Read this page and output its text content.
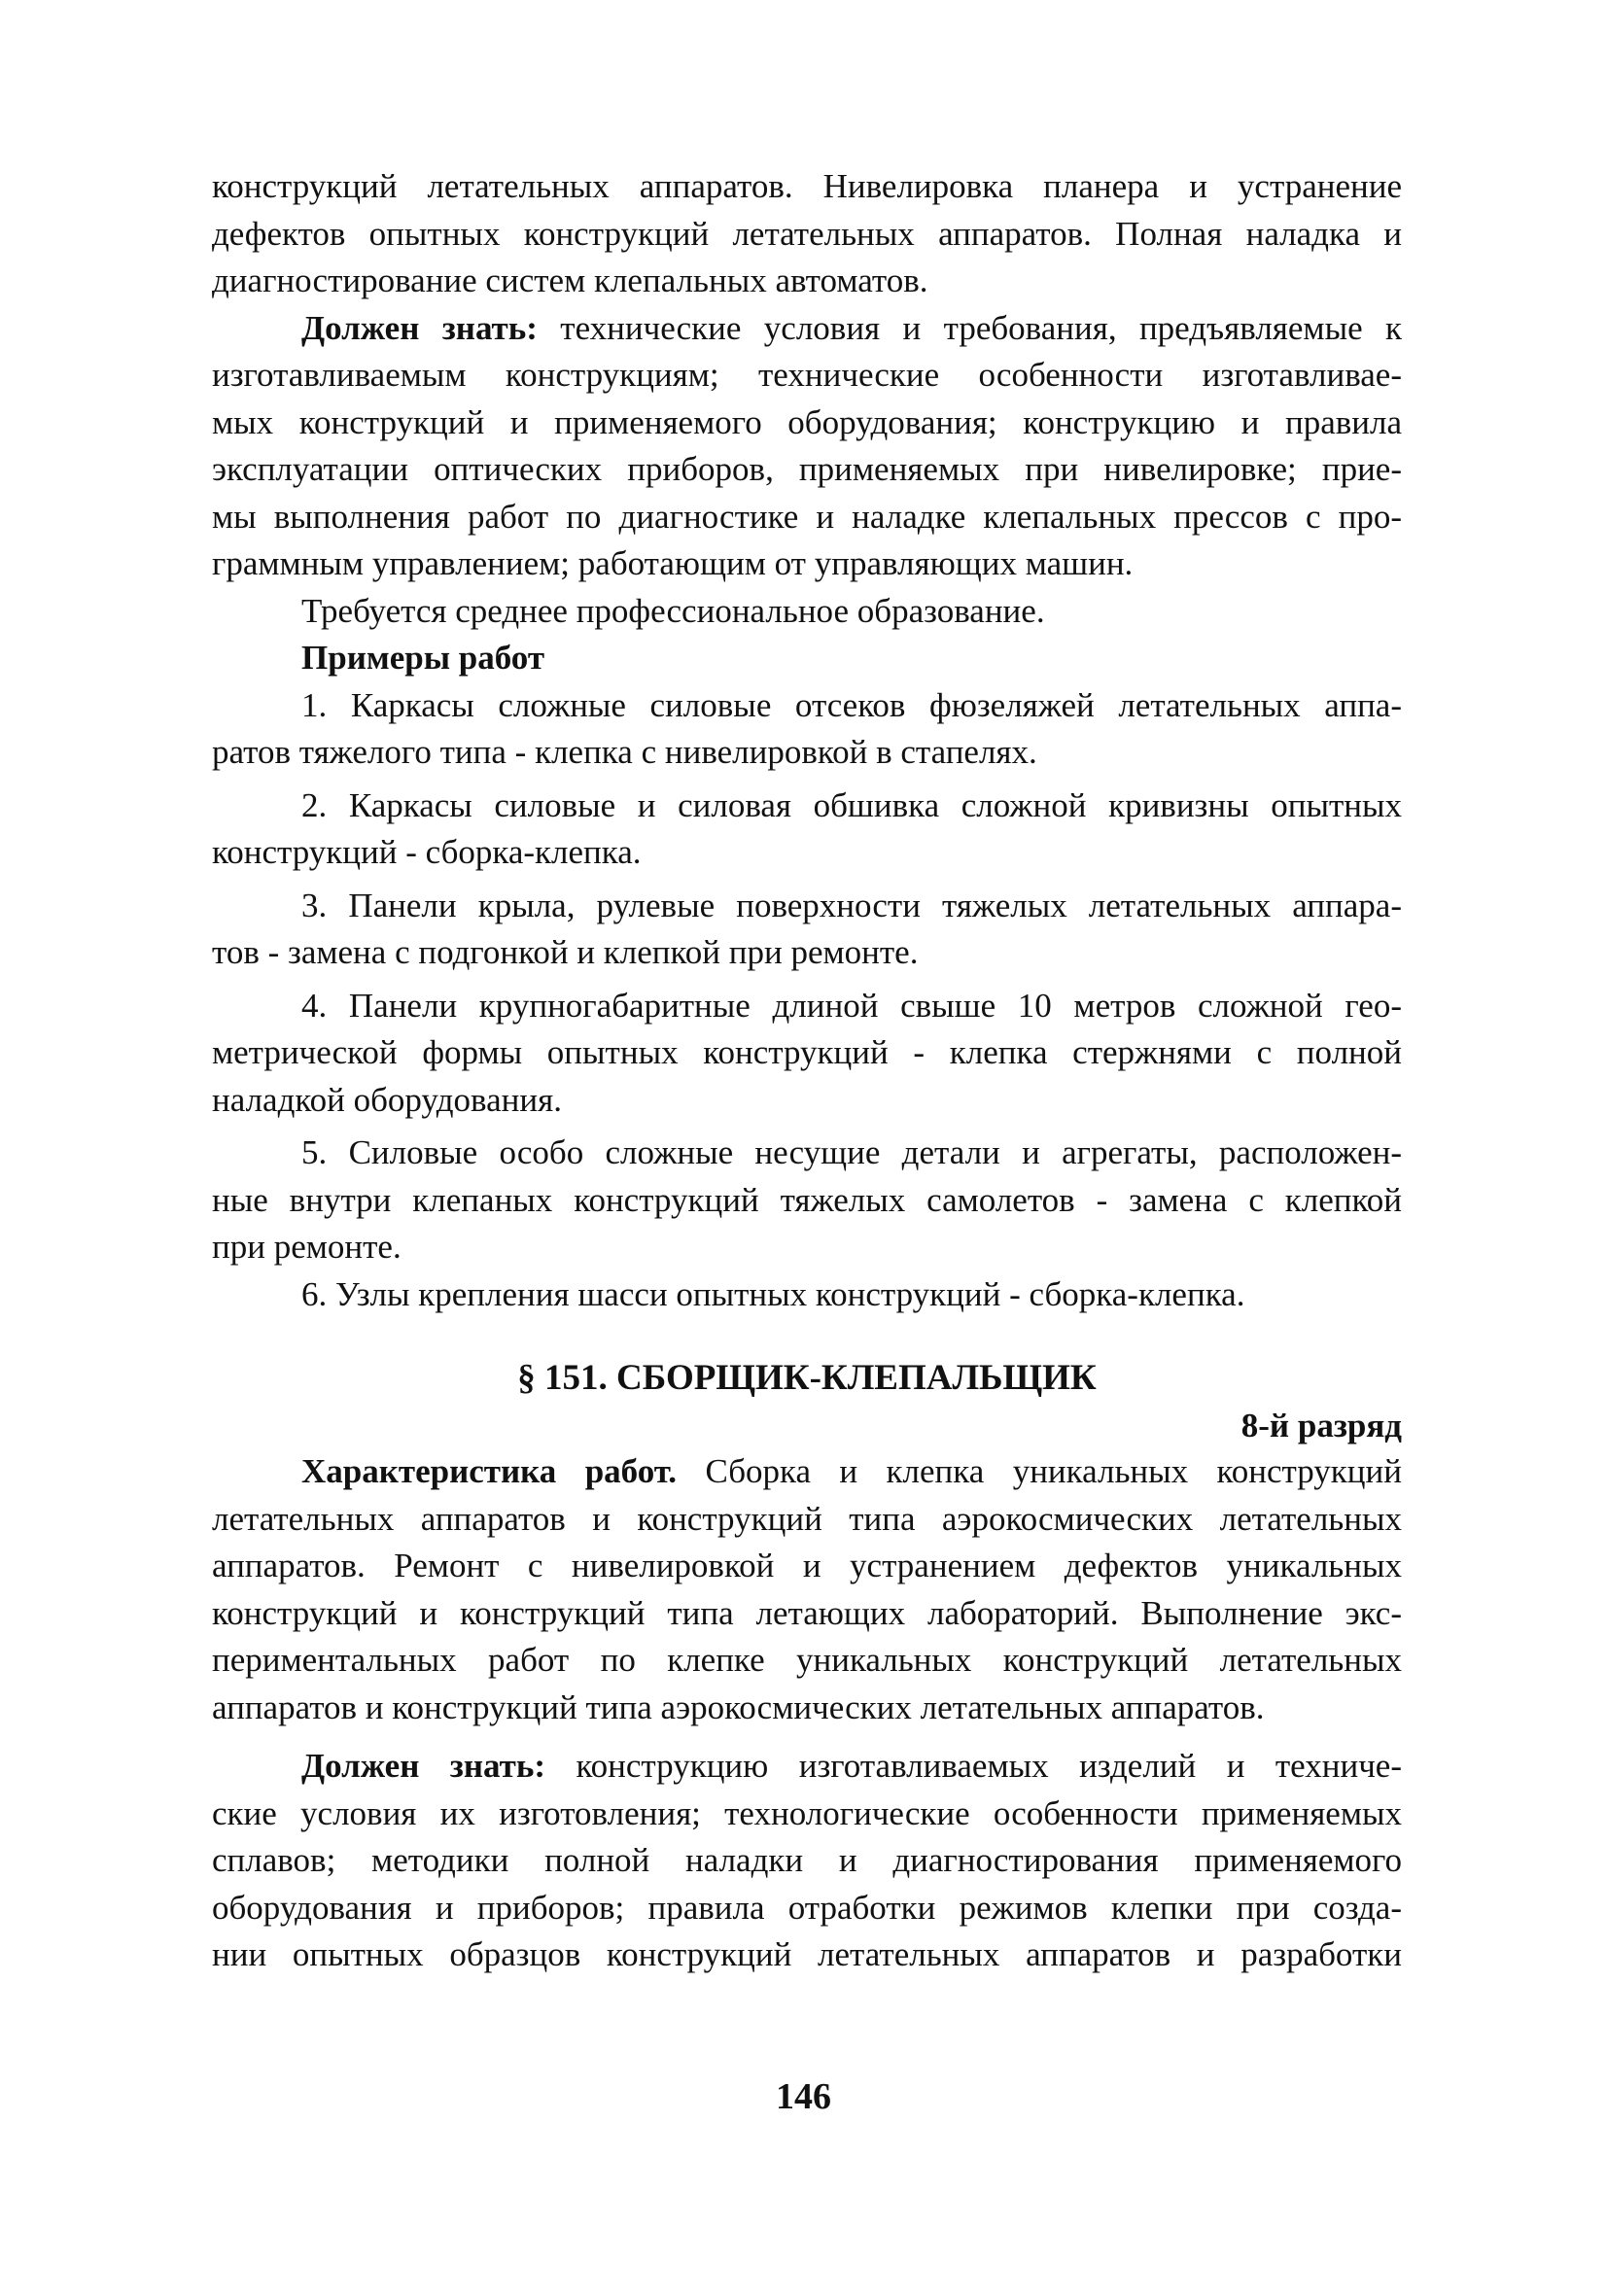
конструкций летательных аппаратов. Нивелировка планера и устранение
дефектов опытных конструкций летательных аппаратов. Полная наладка и
диагностирование систем клепальных автоматов.
Должен знать: технические условия и требования, предъявляемые к
изготавливаемым конструкциям; технические особенности изготавливае-
мых конструкций и применяемого оборудования; конструкцию и правила
эксплуатации оптических приборов, применяемых при нивелировке; прие-
мы выполнения работ по диагностике и наладке клепальных прессов с про-
граммным управлением; работающим от управляющих машин.
Требуется среднее профессиональное образование.
Примеры работ
1. Каркасы сложные силовые отсеков фюзеляжей летательных аппа-
ратов тяжелого типа - клепка с нивелировкой в стапелях.
2. Каркасы силовые и силовая обшивка сложной кривизны опытных
конструкций - сборка-клепка.
3. Панели крыла, рулевые поверхности тяжелых летательных аппара-
тов - замена с подгонкой и клепкой при ремонте.
4. Панели крупногабаритные длиной свыше 10 метров сложной гео-
метрической формы опытных конструкций - клепка стержнями с полной
наладкой оборудования.
5. Силовые особо сложные несущие детали и агрегаты, расположен-
ные внутри клепаных конструкций тяжелых самолетов - замена с клепкой
при ремонте.
6. Узлы крепления шасси опытных конструкций - сборка-клепка.
§ 151. СБОРЩИК-КЛЕПАЛЬЩИК
8-й разряд
Характеристика работ. Сборка и клепка уникальных конструкций
летательных аппаратов и конструкций типа аэрокосмических летательных
аппаратов. Ремонт с нивелировкой и устранением дефектов уникальных
конструкций и конструкций типа летающих лабораторий. Выполнение экс-
периментальных работ по клепке уникальных конструкций летательных
аппаратов и конструкций типа аэрокосмических летательных аппаратов.
Должен знать: конструкцию изготавливаемых изделий и техниче-
ские условия их изготовления; технологические особенности применяемых
сплавов; методики полной наладки и диагностирования применяемого
оборудования и приборов; правила отработки режимов клепки при созда-
нии опытных образцов конструкций летательных аппаратов и разработки
146
